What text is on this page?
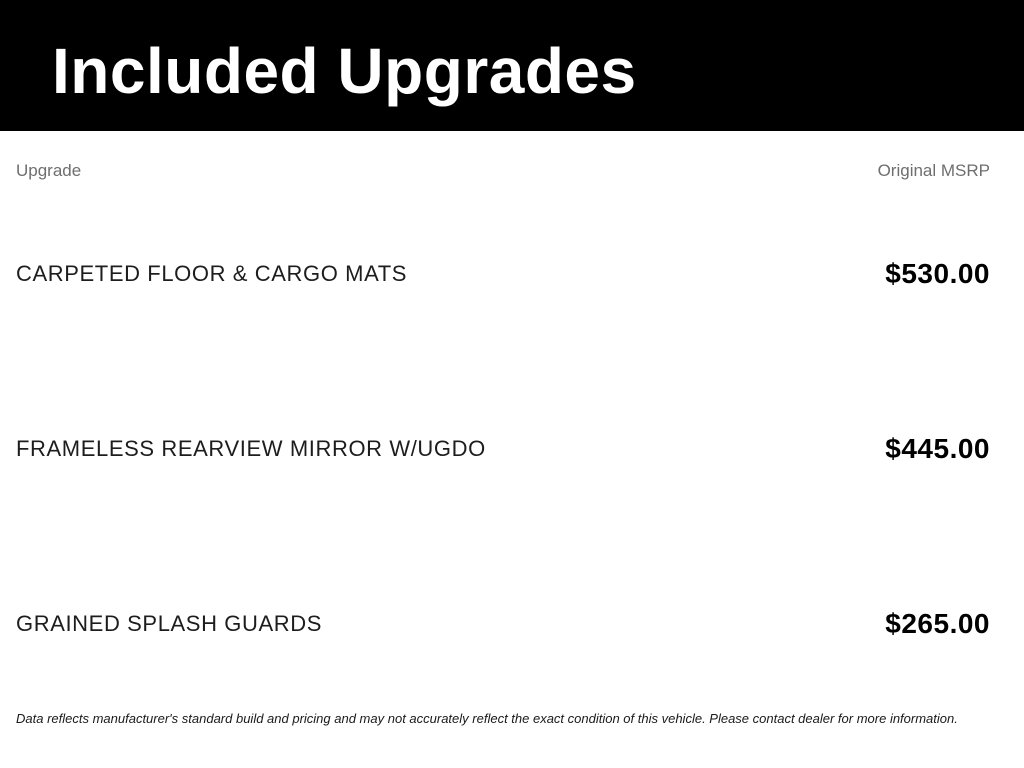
Included Upgrades
Upgrade	Original MSRP
CARPETED FLOOR & CARGO MATS	$530.00
FRAMELESS REARVIEW MIRROR W/UGDO	$445.00
GRAINED SPLASH GUARDS	$265.00
Data reflects manufacturer's standard build and pricing and may not accurately reflect the exact condition of this vehicle. Please contact dealer for more information.
